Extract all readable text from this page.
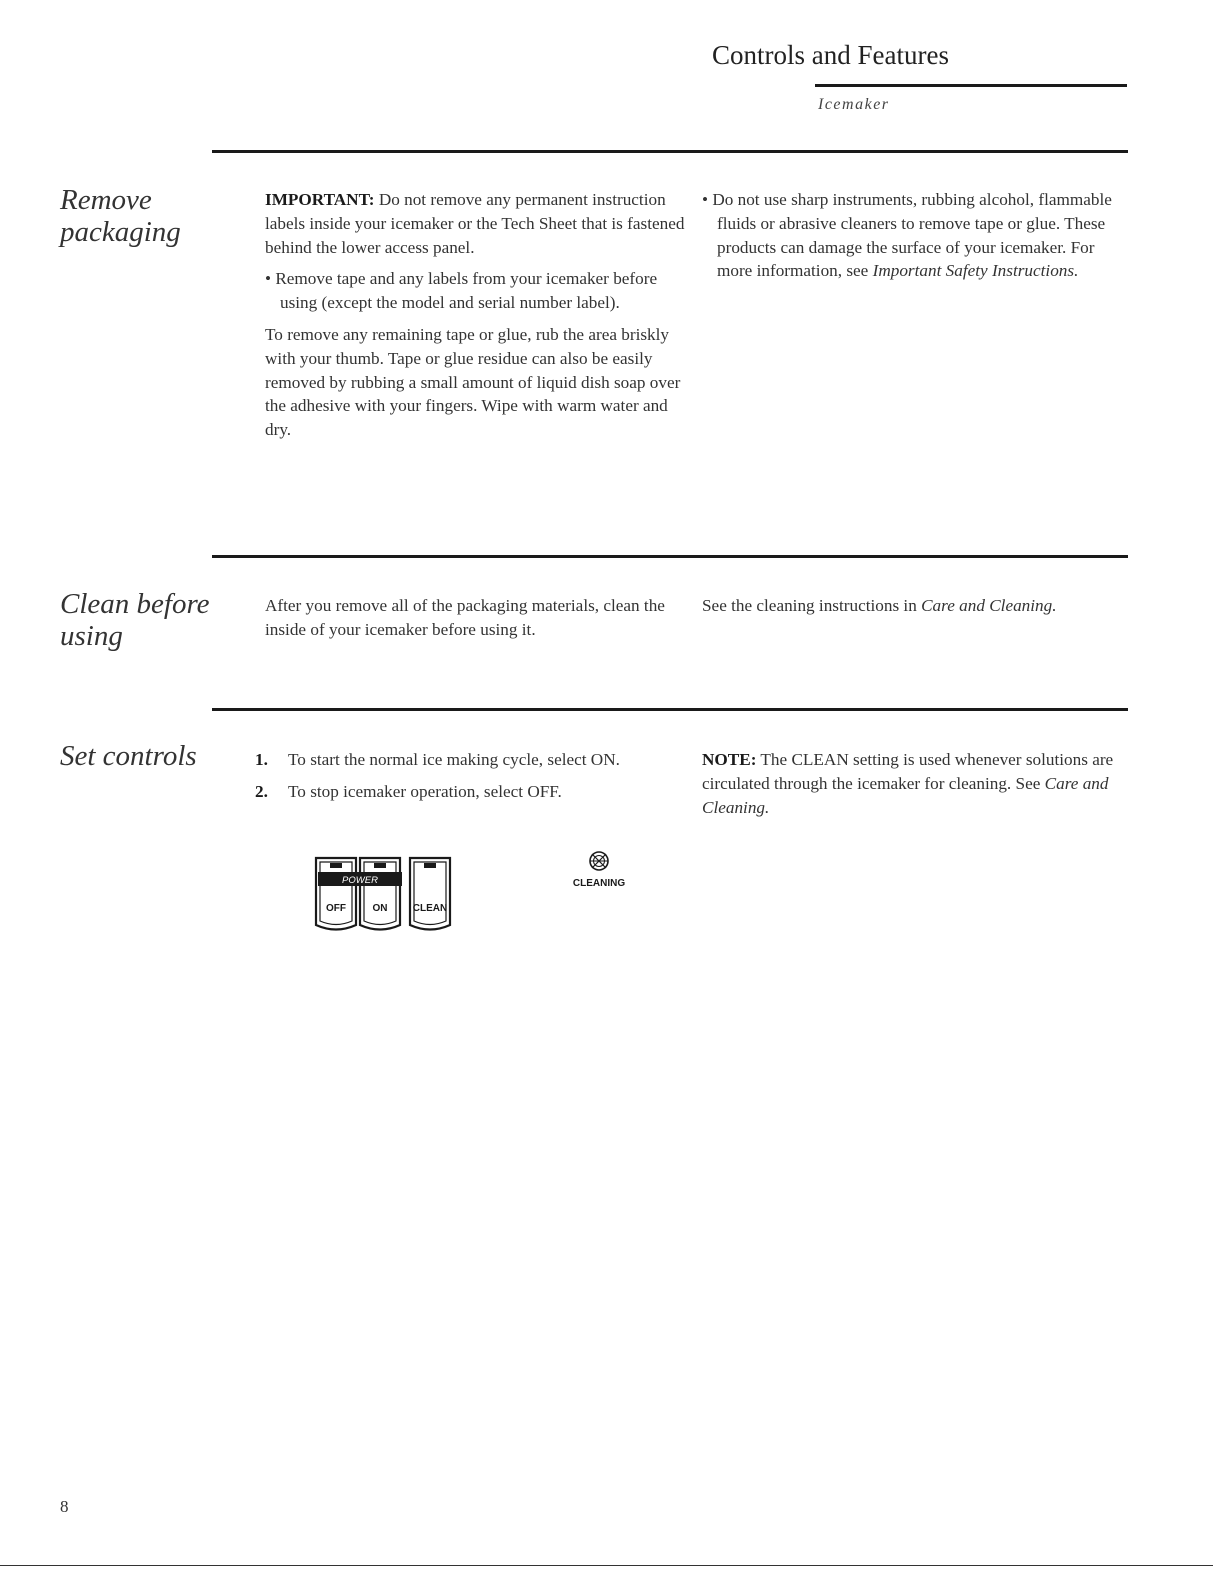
Controls and Features
Icemaker
Remove
packaging

IMPORTANT: Do not remove any permanent instruction labels inside your icemaker or the Tech Sheet that is fastened behind the lower access panel.

• Remove tape and any labels from your icemaker before using (except the model and serial number label).

To remove any remaining tape or glue, rub the area briskly with your thumb. Tape or glue residue can also be easily removed by rubbing a small amount of liquid dish soap over the adhesive with your fingers. Wipe with warm water and dry.

• Do not use sharp instruments, rubbing alcohol, flammable fluids or abrasive cleaners to remove tape or glue. These products can damage the surface of your icemaker. For more information, see Important Safety Instructions.

Clean before
using

After you remove all of the packaging materials, clean the inside of your icemaker before using it.

See the cleaning instructions in Care and Cleaning.

Set controls	1. To start the normal ice making cycle, select ON.
2. To stop icemaker operation, select OFF.

NOTE: The CLEAN setting is used whenever solutions are circulated through the icemaker for cleaning. See Care and Cleaning.

POWER
OFF	ON	CLEAN
CLEANING
8
